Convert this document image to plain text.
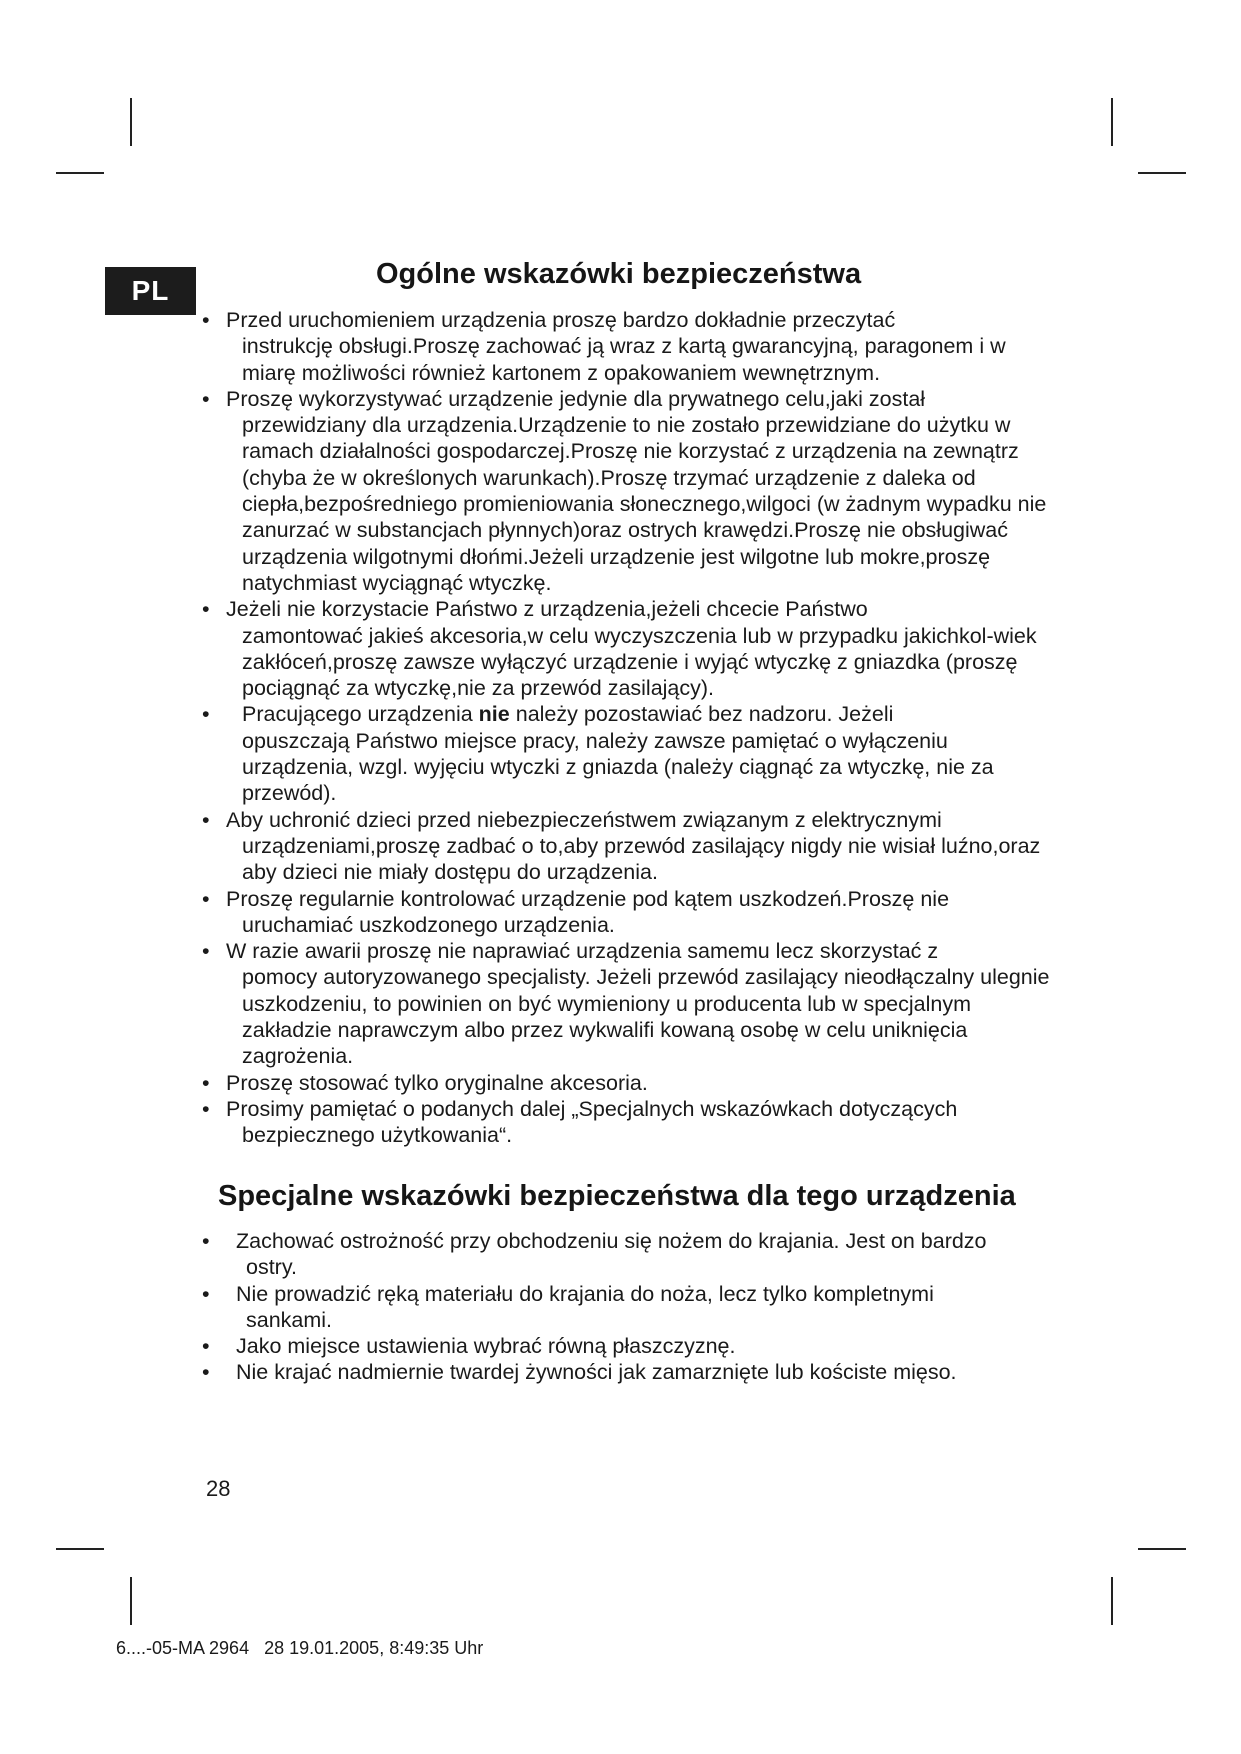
PL
Ogólne wskazówki bezpieczeństwa
• Przed uruchomieniem urządzenia proszę bardzo dokładnie przeczytać
instrukcję obsługi.Proszę zachować ją wraz z kartą gwarancyjną, paragonem i w miarę możliwości również kartonem z opakowaniem wewnętrznym.
• Proszę wykorzystywać urządzenie jedynie dla prywatnego celu,jaki został
przewidziany dla urządzenia.Urządzenie to nie zostało przewidziane do użytku w ramach działalności gospodarczej.Proszę nie korzystać z urządzenia na zewnątrz (chyba że w określonych warunkach).Proszę trzymać urządzenie z daleka od ciepła,bezpośredniego promieniowania słonecznego,wilgoci (w żadnym wypadku nie zanurzać w substancjach płynnych)oraz ostrych krawędzi.Proszę nie obsługiwać urządzenia wilgotnymi dłońmi.Jeżeli urządzenie jest wilgotne lub mokre,proszę natychmiast wyciągnąć wtyczkę.
• Jeżeli nie korzystacie Państwo z urządzenia,jeżeli chcecie Państwo
zamontować jakieś akcesoria,w celu wyczyszczenia lub w przypadku jakichkol-wiek zakłóceń,proszę zawsze wyłączyć urządzenie i wyjąć wtyczkę z gniazdka (proszę pociągnąć za wtyczkę,nie za przewód zasilający).
•	Pracującego urządzenia nie należy pozostawiać bez nadzoru. Jeżeli
opuszczają Państwo miejsce pracy, należy zawsze pamiętać o wyłączeniu urządzenia, wzgl. wyjęciu wtyczki z gniazda (należy ciągnąć za wtyczkę, nie za przewód).
• Aby uchronić dzieci przed niebezpieczeństwem związanym z elektrycznymi
urządzeniami,proszę zadbać o to,aby przewód zasilający nigdy nie wisiał luźno,oraz aby dzieci nie miały dostępu do urządzenia.
• Proszę regularnie kontrolować urządzenie pod kątem uszkodzeń.Proszę nie
uruchamiać uszkodzonego urządzenia.
• W razie awarii proszę nie naprawiać urządzenia samemu lecz skorzystać z
pomocy autoryzowanego specjalisty. Jeżeli przewód zasilający nieodłączalny ulegnie uszkodzeniu, to powinien on być wymieniony u producenta lub w specjalnym zakładzie naprawczym albo przez wykwalifi kowaną osobę w celu uniknięcia zagrożenia.
• Proszę stosować tylko oryginalne akcesoria.
• Prosimy pamiętać o podanych dalej „Specjalnych wskazówkach dotyczących
bezpiecznego użytkowania“.
Specjalne wskazówki bezpieczeństwa dla tego urządzenia
•	Zachować ostrożność przy obchodzeniu się nożem do krajania. Jest on bardzo
ostry.
•	Nie prowadzić ręką materiału do krajania do noża, lecz tylko kompletnymi
sankami.
•	Jako miejsce ustawienia wybrać równą płaszczyznę.
•	Nie krajać nadmiernie twardej żywności jak zamarznięte lub kościste mięso.
28
6....-05-MA 2964   28 19.01.2005, 8:49:35 Uhr
